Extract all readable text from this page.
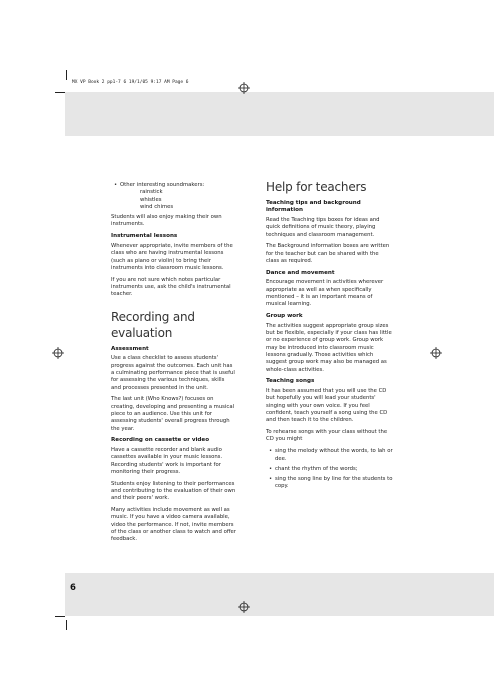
MX VP Book 2 pp1-7 6 19/1/05 9:17 AM Page 6
• Other interesting soundmakers:
rainstick
whistles
wind chimes

Students will also enjoy making their own instruments.

Instrumental lessons

Whenever appropriate, invite members of the class who are having instrumental lessons (such as piano or violin) to bring their instruments into classroom music lessons.

If you are not sure which notes particular instruments use, ask the child's instrumental teacher.

Recording and evaluation
Assessment

Use a class checklist to assess students' progress against the outcomes. Each unit has a culminating performance piece that is useful for assessing the various techniques, skills and processes presented in the unit.

The last unit (Who Knows?) focuses on creating, developing and presenting a musical piece to an audience. Use this unit for assessing students' overall progress through the year.

Recording on cassette or video

Have a cassette recorder and blank audio cassettes available in your music lessons. Recording students' work is important for monitoring their progress.

Students enjoy listening to their performances and contributing to the evaluation of their own and their peers' work.

Many activities include movement as well as music. If you have a video camera available, video the performance. If not, invite members of the class or another class to watch and offer feedback.

Help for teachers
Teaching tips and background information

Read the Teaching tips boxes for ideas and quick definitions of music theory, playing techniques and classroom management.

The Background information boxes are written for the teacher but can be shared with the class as required.

Dance and movement

Encourage movement in activities wherever appropriate as well as when specifically mentioned – it is an important means of musical learning.

Group work

The activities suggest appropriate group sizes but be flexible, especially if your class has little or no experience of group work. Group work may be introduced into classroom music lessons gradually. Those activities which suggest group work may also be managed as whole-class activities.

Teaching songs

It has been assumed that you will use the CD but hopefully you will lead your students' singing with your own voice. If you feel confident, teach yourself a song using the CD and then teach it to the children.

To rehearse songs with your class without the CD you might

• sing the melody without the words, to lah or dee.
• chant the rhythm of the words;
• sing the song line by line for the students to copy.
6
